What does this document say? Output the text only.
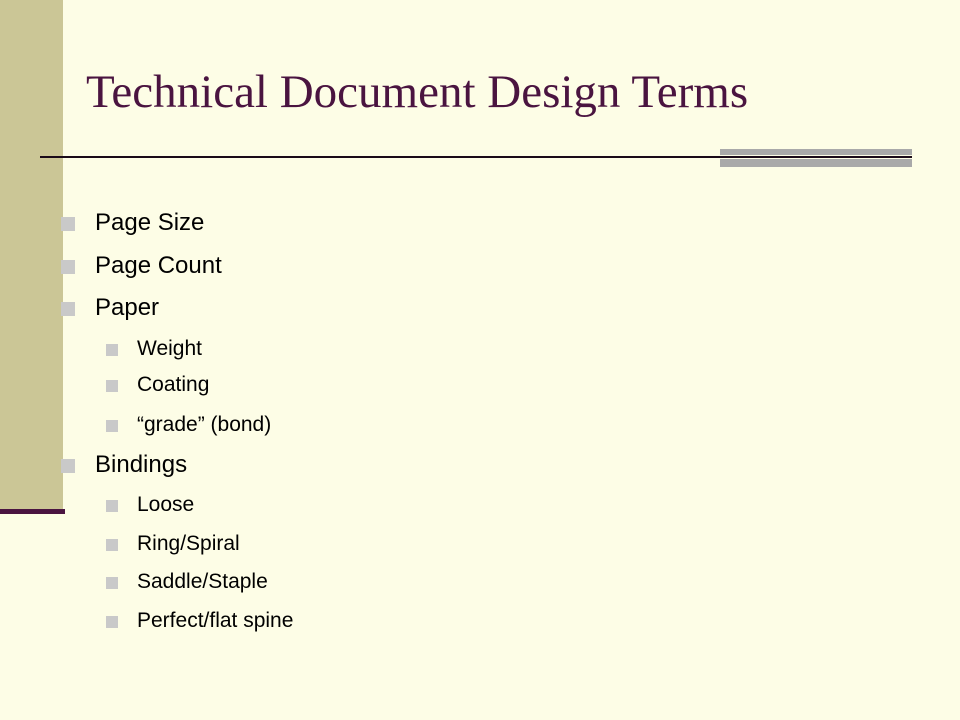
Technical Document Design Terms
Page Size
Page Count
Paper
Weight
Coating
“grade” (bond)
Bindings
Loose
Ring/Spiral
Saddle/Staple
Perfect/flat spine
